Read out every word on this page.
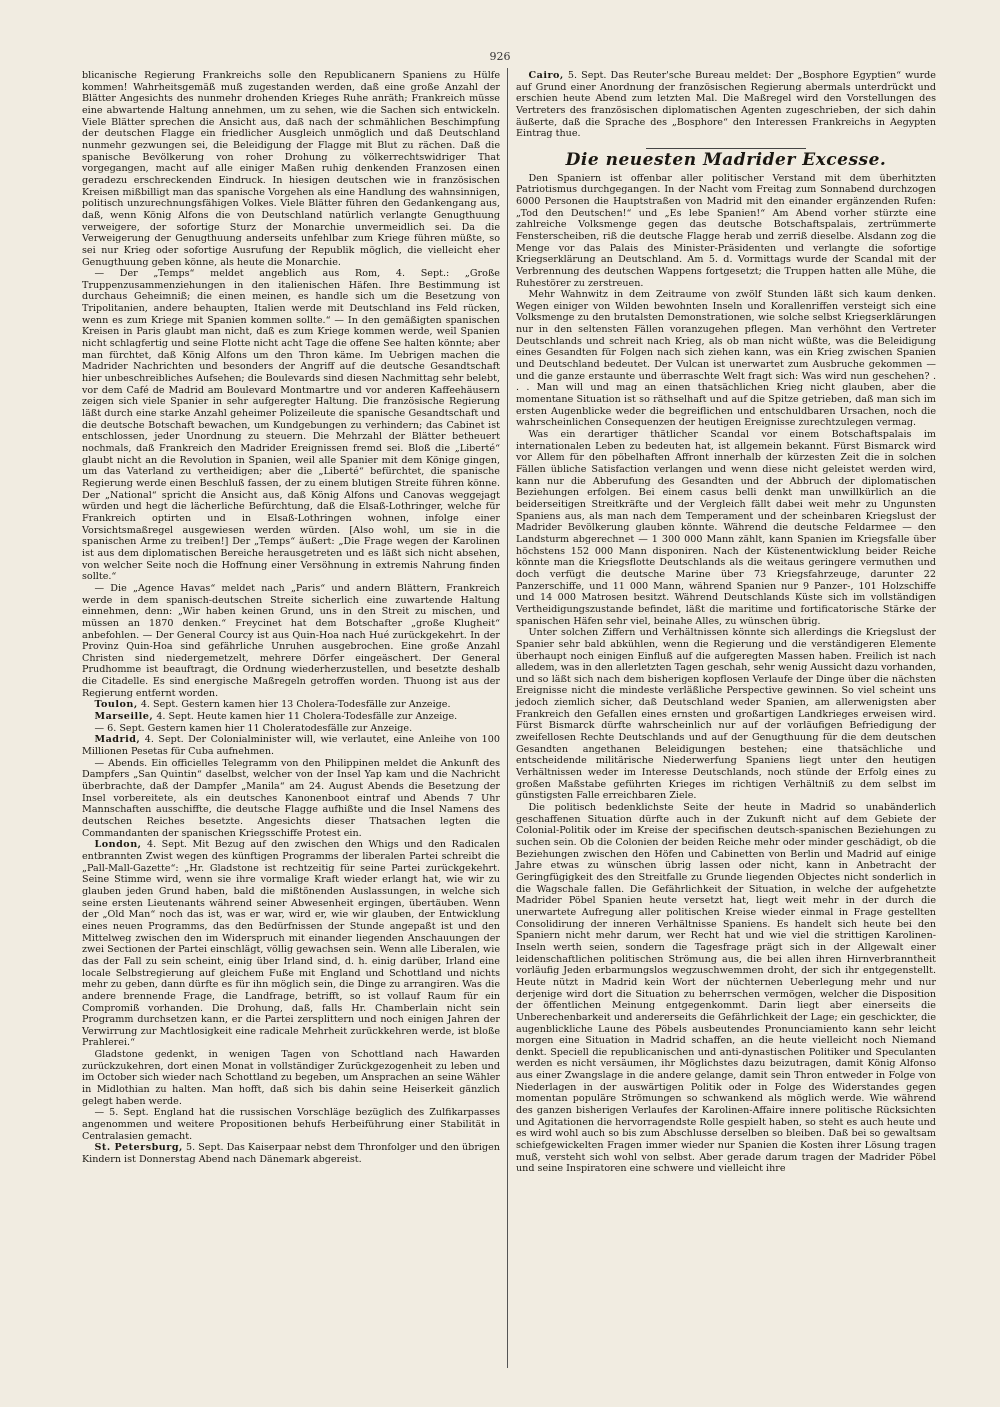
926

blicanische Regierung Frankreichs solle den Republicanern Spaniens zu Hülfe kommen! Wahrheitsgemäß muß zugestanden werden, daß eine große Anzahl der Blätter Angesichts des nunmehr drohenden Krieges Ruhe anräth; Frankreich müsse eine abwartende Haltung annehmen, um zu sehen, wie die Sachen sich entwickeln. Viele Blätter sprechen die Ansicht aus, daß nach der schmählichen Beschimpfung der deutschen Flagge ein friedlicher Ausgleich unmöglich und daß Deutschland nunmehr gezwungen sei, die Beleidigung der Flagge mit Blut zu rächen. Daß die spanische Bevölkerung von roher Drohung zu völkerrechtswidriger That vorgegangen, macht auf alle einiger Maßen ruhig denkenden Franzosen einen geradezu erschreckenden Eindruck. In hiesigen deutschen wie in französischen Kreisen mißbilligt man das spanische Vorgehen als eine Handlung des wahnsinnigen, politisch unzurechnungsfähigen Volkes. Viele Blätter führen den Gedankengang aus, daß, wenn König Alfons die von Deutschland natürlich verlangte Genugthuung verweigere, der sofortige Sturz der Monarchie unvermeidlich sei. Da die Verweigerung der Genugthuung anderseits unfehlbar zum Kriege führen müßte, so sei nur Krieg oder sofortige Ausrufung der Republik möglich, die vielleicht eher Genugthuung geben könne, als heute die Monarchie.

— Der „Temps“ meldet angeblich aus Rom, 4. Sept.: „Große Truppenzusammenziehungen in den italienischen Häfen. Ihre Bestimmung ist durchaus Geheimniß; die einen meinen, es handle sich um die Besetzung von Tripolitanien, andere behaupten, Italien werde mit Deutschland ins Feld rücken, wenn es zum Kriege mit Spanien kommen sollte.“ — In den gemäßigten spanischen Kreisen in Paris glaubt man nicht, daß es zum Kriege kommen werde, weil Spanien nicht schlagfertig und seine Flotte nicht acht Tage die offene See halten könnte; aber man fürchtet, daß König Alfons um den Thron käme. Im Uebrigen machen die Madrider Nachrichten und besonders der Angriff auf die deutsche Gesandtschaft hier unbeschreibliches Aufsehen; die Boulevards sind diesen Nachmittag sehr belebt, vor dem Café de Madrid am Boulevard Montmartre und vor anderen Kaffeehäusern zeigen sich viele Spanier in sehr aufgeregter Haltung. Die französische Regierung läßt durch eine starke Anzahl geheimer Polizeileute die spanische Gesandtschaft und die deutsche Botschaft bewachen, um Kundgebungen zu verhindern; das Cabinet ist entschlossen, jeder Unordnung zu steuern. Die Mehrzahl der Blätter betheuert nochmals, daß Frankreich den Madrider Ereignissen fremd sei. Bloß die „Liberté“ glaubt nicht an die Revolution in Spanien, weil alle Spanier mit dem Könige gingen, um das Vaterland zu vertheidigen; aber die „Liberté“ befürchtet, die spanische Regierung werde einen Beschluß fassen, der zu einem blutigen Streite führen könne. Der „National“ spricht die Ansicht aus, daß König Alfons und Canovas weggejagt würden und hegt die lächerliche Befürchtung, daß die Elsaß-Lothringer, welche für Frankreich optirten und in Elsaß-Lothringen wohnen, infolge einer Vorsichtsmaßregel ausgewiesen werden würden. [Also wohl, um sie in die spanischen Arme zu treiben!] Der „Temps“ äußert: „Die Frage wegen der Karolinen ist aus dem diplomatischen Bereiche herausgetreten und es läßt sich nicht absehen, von welcher Seite noch die Hoffnung einer Versöhnung in extremis Nahrung finden sollte.“

— Die „Agence Havas“ meldet nach „Paris“ und andern Blättern, Frankreich werde in dem spanisch-deutschen Streite sicherlich eine zuwartende Haltung einnehmen, denn: „Wir haben keinen Grund, uns in den Streit zu mischen, und müssen an 1870 denken.“ Freycinet hat dem Botschafter „große Klugheit“ anbefohlen. — Der General Courcy ist aus Quin-Hoa nach Hué zurückgekehrt. In der Provinz Quin-Hoa sind gefährliche Unruhen ausgebrochen. Eine große Anzahl Christen sind niedergemetzelt, mehrere Dörfer eingeäschert. Der General Prudhomme ist beauftragt, die Ordnung wiederherzustellen, und besetzte deshalb die Citadelle. Es sind energische Maßregeln getroffen worden. Thuong ist aus der Regierung entfernt worden.

Toulon, 4. Sept. Gestern kamen hier 13 Cholera-Todesfälle zur Anzeige.

Marseille, 4. Sept. Heute kamen hier 11 Cholera-Todesfälle zur Anzeige.

— 6. Sept. Gestern kamen hier 11 Choleratodesfälle zur Anzeige.

Madrid, 4. Sept. Der Colonialminister will, wie verlautet, eine Anleihe von 100 Millionen Pesetas für Cuba aufnehmen.

— Abends. Ein officielles Telegramm von den Philippinen meldet die Ankunft des Dampfers „San Quintin“ daselbst, welcher von der Insel Yap kam und die Nachricht überbrachte, daß der Dampfer „Manila“ am 24. August Abends die Besetzung der Insel vorbereitete, als ein deutsches Kanonenboot eintraf und Abends 7 Uhr Mannschaften ausschiffte, die deutsche Flagge aufhißte und die Insel Namens des deutschen Reiches besetzte. Angesichts dieser Thatsachen legten die Commandanten der spanischen Kriegsschiffe Protest ein.

London, 4. Sept. Mit Bezug auf den zwischen den Whigs und den Radicalen entbrannten Zwist wegen des künftigen Programms der liberalen Partei schreibt die „Pall-Mall-Gazette“: „Hr. Gladstone ist rechtzeitig für seine Partei zurückgekehrt. Seine Stimme wird, wenn sie ihre vormalige Kraft wieder erlangt hat, wie wir zu glauben jeden Grund haben, bald die mißtönenden Auslassungen, in welche sich seine ersten Lieutenants während seiner Abwesenheit ergingen, übertäuben. Wenn der „Old Man“ noch das ist, was er war, wird er, wie wir glauben, der Entwicklung eines neuen Programms, das den Bedürfnissen der Stunde angepaßt ist und den Mittelweg zwischen den im Widerspruch mit einander liegenden Anschauungen der zwei Sectionen der Partei einschlägt, völlig gewachsen sein. Wenn alle Liberalen, wie das der Fall zu sein scheint, einig über Irland sind, d. h. einig darüber, Irland eine locale Selbstregierung auf gleichem Fuße mit England und Schottland und nichts mehr zu geben, dann dürfte es für ihn möglich sein, die Dinge zu arrangiren. Was die andere brennende Frage, die Landfrage, betrifft, so ist vollauf Raum für ein Compromiß vorhanden. Die Drohung, daß, falls Hr. Chamberlain nicht sein Programm durchsetzen kann, er die Partei zersplittern und noch einigen Jahren der Verwirrung zur Machtlosigkeit eine radicale Mehrheit zurückkehren werde, ist bloße Prahlerei.“

Gladstone gedenkt, in wenigen Tagen von Schottland nach Hawarden zurückzukehren, dort einen Monat in vollständiger Zurückgezogenheit zu leben und im October sich wieder nach Schottland zu begeben, um Ansprachen an seine Wähler in Midlothian zu halten. Man hofft, daß sich bis dahin seine Heiserkeit gänzlich gelegt haben werde.

— 5. Sept. England hat die russischen Vorschläge bezüglich des Zulfikarpasses angenommen und weitere Propositionen behufs Herbeiführung einer Stabilität in Centralasien gemacht.

St. Petersburg, 5. Sept. Das Kaiserpaar nebst dem Thronfolger und den übrigen Kindern ist Donnerstag Abend nach Dänemark abgereist.

Cairo, 5. Sept. Das Reuter'sche Bureau meldet: Der „Bosphore Egyptien“ wurde auf Grund einer Anordnung der französischen Regierung abermals unterdrückt und erschien heute Abend zum letzten Mal. Die Maßregel wird den Vorstellungen des Vertreters des französischen diplomatischen Agenten zugeschrieben, der sich dahin äußerte, daß die Sprache des „Bosphore“ den Interessen Frankreichs in Aegypten Eintrag thue.

Die neuesten Madrider Excesse.

Den Spaniern ist offenbar aller politischer Verstand mit dem überhitzten Patriotismus durchgegangen. In der Nacht vom Freitag zum Sonnabend durchzogen 6000 Personen die Hauptstraßen von Madrid mit den einander ergänzenden Rufen: „Tod den Deutschen!“ und „Es lebe Spanien!“ Am Abend vorher stürzte eine zahlreiche Volksmenge gegen das deutsche Botschaftspalais, zertrümmerte Fensterscheiben, riß die deutsche Flagge herab und zerriß dieselbe. Alsdann zog die Menge vor das Palais des Minister-Präsidenten und verlangte die sofortige Kriegserklärung an Deutschland. Am 5. d. Vormittags wurde der Scandal mit der Verbrennung des deutschen Wappens fortgesetzt; die Truppen hatten alle Mühe, die Ruhestörer zu zerstreuen.

Mehr Wahnwitz in dem Zeitraume von zwölf Stunden läßt sich kaum denken. Wegen einiger von Wilden bewohnten Inseln und Korallenriffen versteigt sich eine Volksmenge zu den brutalsten Demonstrationen, wie solche selbst Kriegserklärungen nur in den seltensten Fällen voranzugehen pflegen. Man verhöhnt den Vertreter Deutschlands und schreit nach Krieg, als ob man nicht wüßte, was die Beleidigung eines Gesandten für Folgen nach sich ziehen kann, was ein Krieg zwischen Spanien und Deutschland bedeutet. Der Vulcan ist unerwartet zum Ausbruche gekommen — und die ganze erstaunte und überraschte Welt fragt sich: Was wird nun geschehen? . . . Man will und mag an einen thatsächlichen Krieg nicht glauben, aber die momentane Situation ist so räthselhaft und auf die Spitze getrieben, daß man sich im ersten Augenblicke weder die begreiflichen und entschuldbaren Ursachen, noch die wahrscheinlichen Consequenzen der heutigen Ereignisse zurechtzulegen vermag.

Was ein derartiger thätlicher Scandal vor einem Botschaftspalais im internationalen Leben zu bedeuten hat, ist allgemein bekannt. Fürst Bismarck wird vor Allem für den pöbelhaften Affront innerhalb der kürzesten Zeit die in solchen Fällen übliche Satisfaction verlangen und wenn diese nicht geleistet werden wird, kann nur die Abberufung des Gesandten und der Abbruch der diplomatischen Beziehungen erfolgen. Bei einem casus belli denkt man unwillkürlich an die beiderseitigen Streitkräfte und der Vergleich fällt dabei weit mehr zu Ungunsten Spaniens aus, als man nach dem Temperament und der scheinbaren Kriegslust der Madrider Bevölkerung glauben könnte. Während die deutsche Feldarmee — den Landsturm abgerechnet — 1 300 000 Mann zählt, kann Spanien im Kriegsfalle über höchstens 152 000 Mann disponiren. Nach der Küstenentwicklung beider Reiche könnte man die Kriegsflotte Deutschlands als die weitaus geringere vermuthen und doch verfügt die deutsche Marine über 73 Kriegsfahrzeuge, darunter 22 Panzerschiffe, und 11 000 Mann, während Spanien nur 9 Panzer-, 101 Holzschiffe und 14 000 Matrosen besitzt. Während Deutschlands Küste sich im vollständigen Vertheidigungszustande befindet, läßt die maritime und fortificatorische Stärke der spanischen Häfen sehr viel, beinahe Alles, zu wünschen übrig.

Unter solchen Ziffern und Verhältnissen könnte sich allerdings die Kriegslust der Spanier sehr bald abkühlen, wenn die Regierung und die verständigeren Elemente überhaupt noch einigen Einfluß auf die aufgeregten Massen haben. Freilich ist nach alledem, was in den allerletzten Tagen geschah, sehr wenig Aussicht dazu vorhanden, und so läßt sich nach dem bisherigen kopflosen Verlaufe der Dinge über die nächsten Ereignisse nicht die mindeste verläßliche Perspective gewinnen. So viel scheint uns jedoch ziemlich sicher, daß Deutschland weder Spanien, am allerwenigsten aber Frankreich den Gefallen eines ernsten und großartigen Landkrieges erweisen wird. Fürst Bismarck dürfte wahrscheinlich nur auf der vorläufigen Befriedigung der zweifellosen Rechte Deutschlands und auf der Genugthuung für die dem deutschen Gesandten angethanen Beleidigungen bestehen; eine thatsächliche und entscheidende militärische Niederwerfung Spaniens liegt unter den heutigen Verhältnissen weder im Interesse Deutschlands, noch stünde der Erfolg eines zu großen Maßstabe geführten Krieges im richtigen Verhältniß zu dem selbst im günstigsten Falle erreichbaren Ziele.

Die politisch bedenklichste Seite der heute in Madrid so unabänderlich geschaffenen Situation dürfte auch in der Zukunft nicht auf dem Gebiete der Colonial-Politik oder im Kreise der specifischen deutsch-spanischen Beziehungen zu suchen sein. Ob die Colonien der beiden Reiche mehr oder minder geschädigt, ob die Beziehungen zwischen den Höfen und Cabinetten von Berlin und Madrid auf einige Jahre etwas zu wünschen übrig lassen oder nicht, kann in Anbetracht der Geringfügigkeit des den Streitfalle zu Grunde liegenden Objectes nicht sonderlich in die Wagschale fallen. Die Gefährlichkeit der Situation, in welche der aufgehetzte Madrider Pöbel Spanien heute versetzt hat, liegt weit mehr in der durch die unerwartete Aufregung aller politischen Kreise wieder einmal in Frage gestellten Consolidirung der inneren Verhältnisse Spaniens. Es handelt sich heute bei den Spaniern nicht mehr darum, wer Recht hat und wie viel die strittigen Karolinen-Inseln werth seien, sondern die Tagesfrage prägt sich in der Allgewalt einer leidenschaftlichen politischen Strömung aus, die bei allen ihren Hirnverbranntheit vorläufig Jeden erbarmungslos wegzuschwemmen droht, der sich ihr entgegenstellt. Heute nützt in Madrid kein Wort der nüchternen Ueberlegung mehr und nur derjenige wird dort die Situation zu beherrschen vermögen, welcher die Disposition der öffentlichen Meinung entgegenkommt. Darin liegt aber einerseits die Unberechenbarkeit und andererseits die Gefährlichkeit der Lage; ein geschickter, die augenblickliche Laune des Pöbels ausbeutendes Pronunciamiento kann sehr leicht morgen eine Situation in Madrid schaffen, an die heute vielleicht noch Niemand denkt. Speciell die republicanischen und anti-dynastischen Politiker und Speculanten werden es nicht versäumen, ihr Möglichstes dazu beizutragen, damit König Alfonso aus einer Zwangslage in die andere gelange, damit sein Thron entweder in Folge von Niederlagen in der auswärtigen Politik oder in Folge des Widerstandes gegen momentan populäre Strömungen so schwankend als möglich werde. Wie während des ganzen bisherigen Verlaufes der Karolinen-Affaire innere politische Rücksichten und Agitationen die hervorragendste Rolle gespielt haben, so steht es auch heute und es wird wohl auch so bis zum Abschlusse derselben so bleiben. Daß bei so gewaltsam schiefgewickelten Fragen immer wieder nur Spanien die Kosten ihrer Lösung tragen muß, versteht sich wohl von selbst. Aber gerade darum tragen der Madrider Pöbel und seine Inspiratoren eine schwere und vielleicht ihre
